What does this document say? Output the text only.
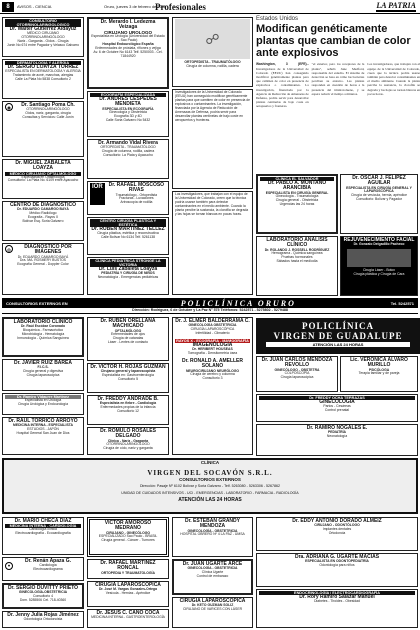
8	AVISOS - CIENCIA	Oruro, jueves 3 de febrero de 2011
Profesionales	LA PATRIA
CONSULTORIO OTORRINOLARINGOLOGICO
Dr. Walter Gutiérrez Aldayuz
MÉDICO CIRUJANO OTORRINOLARINGÓLOGO
Nariz - Garganta - Oídos - Cirugía
Junín No 674 entre Pagador y Velasco Galvarro
DERMATOLOGIA Y ALERGIA
Dr. SERGIO LOAYZA TORREZ
ESPECIALISTA EN DERMATOLOGÍA Y ALERGIA
Tratamiento de acné, manchas, alergias
Calle La Plata No 5838 Consultorio 2
◉	Dr. Santiago Poma Ch.
OTORRINOLARINGÓLOGO
Oídos, nariz, garganta, cirugía
Consultas y Servicios: Calle Junín
Dr. MIGUEL ZABALETA LOAYZA
MÉDICO CIRUJANO OFTALMÓLOGO
Especialista en Oftalmología
Consultorio: La Plata No. 6109 entre Ayacucho
CENTRO DE DIAGNÓSTICO
Dr. EDUARDO CAMARGO BAYÁ
Médico Radiólogo
Ecografía - Rayos X
Bolívar Esq. Soria Galvarro
◎	DIAGNÓSTICO POR IMÁGENES
Dr. EDUARDO CAMARGO BAYÁ
Dra. MA. ROSMERY BUSTOS
Ecografía General - Doppler Color
Dr. Merardo I. Ledezma Veizaga
CIRUJANO UROLOGO
Especialista en Urología (Universidad del Estado - Sao Paulo)
Hospital Endourológico España
Enfermedades de próstata, riñones y vejiga
Av. 6 de Octubre No 6143 Telf. 5250003 - Cel. 71844920
ECOGRAFÍA ESPECIALIZADA
Dr. ANDRÉS CÉSPEDES MENDIETA
ESPECIALISTA EN ECOGRAFÍA
Ginecología y Obstetricia
Ecografía 3D y 4D
Calle Soria Galvarro No 5432
Dr. Armando Vidal Rivera
ORTOPEDISTA - TRAUMATÓLOGO
Cirugía de columna, rodilla, cadera
Consultorio: La Plata y Ayacucho
IOR	Dr. RAFAEL MOSCOSO RIVAS
Traumatólogo - Ortopedista
Fracturas - Luxaciones
Artroscopía de rodilla
CENTRO CIRUGÍA PLÁSTICA Y ESTÉTICA
Dr. RUBÉN MARTÍNEZ TÉLLEZ
Cirugía plástica, estética y reconstructiva
Calle Bolívar No 6134 Telf. 5261138
CLÍNICA PEDIÁTRICA STRONGE LA VICTORIA
Dr. Luis Zabaleta Loayza
PEDIATRÍA Y CIRUGÍA DE NIÑOS
Neonatología - Emergencias pediátricas
☍
ORTOPEDISTA - TRAUMATÓLOGO
Cirugía de columna, rodilla, cadera
Investigadores de la Universidad de Colorado (EEUU) han conseguido modificar genéticamente plantas para que cambien de color en presencia de explosivos o contaminantes. La investigación, financiada por la Agencia de Reducción de Amenazas de Defensa, podría servir para desarrollar plantas centinelas de bajo coste en aeropuertos y fronteras.
Los investigadores, que trabajan con el equipo de la Universidad de Colorado, creen que la técnica podría usarse también para detectar contaminantes en el medio ambiente. Cuando la planta percibe la sustancia, la clorofila se degrada y las hojas se tornan blancas en pocas horas.
Estados Unidos
Modifican genéticamente plantas que cambian de color ante explosivos
Washington, 3 (EFE).- Investigadores de la Universidad de Colorado (EEUU) han conseguido modificar genéticamente plantas para que cambien de color en presencia de explosivos o contaminantes. La investigación, financiada por la Agencia de Reducción de Amenazas de Defensa, podría servir para desarrollar plantas centinelas de bajo coste en aeropuertos y fronteras.
"el exterior, pero los receptores de la planta", señaló June Medford, responsable del estudio. El sistema de detección se basa en cómo las bacterias perciben su entorno. Las plantas responden en cuestión de horas a la presencia del trinitrotolueno, y se espera reducir el tiempo a minutos.
Los investigadores, que trabajan con el equipo de la Universidad de Colorado, creen que la técnica podría usarse también para detectar contaminantes en el medio ambiente. Cuando la planta percibe la sustancia, la clorofila se degrada y las hojas se tornan blancas en pocas horas.
CLÍNICA EL SALVADOR
Dr. PABLO A. MONTAÑO ARANCIBIA
ESPECIALISTA EN CIRUGÍA GENERAL
Ginecología - Traumatología
Cirugía general - Obstetricia
Urgencias las 24 horas
Dr. ÓSCAR J. FELIPEZ AGUILAR
ESPECIALISTA EN CIRUGÍA GENERAL Y LAPAROSCÓPICA
Cirugía de vesícula, hernia, apéndice
Consultorio: Bolívar y Pagador
LABORATORIO ANÁLISIS CLÍNICO
Dr. ROLANDO J. ROSSELL RODRÍGUEZ
Hemograma - Química sanguínea
Pruebas hormonales
Sábados hasta el mediodía
REJUVENECIMIENTO FACIAL
Dr. Gonzalo Delgadillo Pacheco
Cirugía Láser - Botox
Cirugía plástica y Cirugía de Cara
CONSULTORIOS EXTERNOS EN	POLICLÍNICA ORURO	Tel. 5242571
Dirección: Rodríguez, 6 de Octubre y La Paz Nº 575 Teléfonos: 5242571 - 5275802 - 5279488
LABORATORIO CLÍNICO
Dr. Raúl Escóbar Coronado
Bioquímica - Farmacéutico
Microbiología - Hematología
Inmunología - Química Sanguínea
Dr. JAVIER RUIZ BAREA
F.I.C.S.
Cirugía general y digestiva
Cirugía laparoscópica
Dr. Ramiro Vidaurre Martínez
Especialista en Urología
Cirugía Urológica y Endourología
Dr. RAÚL TORRICO ARROYO
MEDICINA INTERNA - ESPECIALISTA
ESTUDIOS - JAPÓN
Hospital General San Juan de Dios
Dr. RUBÉN ORELLANA MACHICADO
OFTALMÓLOGO
Enfermedades de ojos
Cirugía de cataratas
Láser - Lentes de contacto
Dr. VÍCTOR H. ROJAS GUZMÁN
Cirujano general y laparoscopista
Especialista en: Gastroenterología
Consultorio 5
Dr. FREDDY ANDRADE B.
Especialista en fiebre - Cardiología
Enfermedades propias de la infancia
Consultorio 12
Dr. ROMULO ROSALES DELGADO
Clínica - Nariz - Garganta
OTORRINOLARINGÓLOGO
Cirugía de oído, nariz y garganta
Dr. J. ELMER BALDERRAMA C.
GINECOLOGÍA OBSTETRICIA
CIRUGÍA LAPAROSCÓPICA
Infertilidad - Climaterio
RAYOS X - ECOGRAFÍA - MAMOGRAFÍA
IMAGENOLOGÍA
Dr. HERIBERT HOUSEAS
Tomografía - Densitometría ósea
Dr. RONALD A. AMELLER SOLANO
NEUROCIRUJANO NEURÓLOGO
Cirugía de cerebro y columna
Consultorio 3
POLICLÍNICA
VIRGEN DE GUADALUPE
ATENCIÓN LAS 24 HORAS
Dr. JUAN CARLOS MENDOZA REVOLLO
GINECÓLOGO - OBSTETRA
COLPOSCOPÍA
Cirugía laparoscópica
Lic. VERONICA ALVARO MURILLO
PSICÓLOGA
Terapia familiar y de pareja
Dr. FREDDY OCHA TERRAZAS
GINECOLOGÍA
Partos - Cesáreas
Control prenatal
Dr. RAMIRO NOGALES E.
PEDIATRÍA
Neonatología
CLÍNICA
VIRGEN DEL SOCAVÓN S.R.L.
CONSULTORIOS EXTERNOS
Dirección: Pasaje Nº 6102 Bolívar y Soria Galvarro - Telf. 5263080 - 5263306 - 5267862
UNIDAD DE CUIDADOS INTENSIVOS - UCI - EMERGENCIAS - LABORATORIO - FARMACIA - RADIOLOGÍA
ATENCIÓN LAS 24 HORAS
Dr. MARIO CHECA DÍAZ
MEDICINA INTERNA - CARDIOLOGÍA
Cardiología clínica
Electrocardiografía - Ecocardiografía
♥
Dr. Renán Apaza G.
Cardiología
Electrocardiograma
Dr. SERGIO DUVITTY PRIETO
GINECOLOGÍA-OBSTETRICIA
Consultorio 4
Dom. 5285506 Cel. 718-40360
Dr. Jenny Julia Rojas Jiménez
Odontología Ortodoncista
VICTOR AMOROSO MEDRANO
CIRUJANO - GINECÓLOGO
ESPECIALIZADO Sao Paulo - BRASIL
Cirugía general - Cáncer - Tumores
Dr. RAFAEL MARTINEZ RONCAL
ORTOPEDIA Y TRAUMATOLOGÍA
CIRUGÍA LAPAROSCÓPICA
Dr. José M. Vargas Gonzales-Ortega
Vesícula - Hernias - Apéndice
Dr. JESÚS C. CANO COCA
MEDICINA INTERNA - GASTROENTEROLOGÍA
Dr. ESTEBAN GRANDY MENDOZA
GINECOLOGÍA - OBSTETRICIA
HOSPITAL OBRERO Nº 4 LA PAZ - UMSA
Dr. JUAN UGARTE ARCE
GINECOLOGÍA - OBSTETRICIA
Clínica Ugarte
Control de embarazo
CIRUGÍA LAPAROSCÓPICA
Dr. KETO GUZMAN SOLIZ
CIRUJANO DE VARICES CON LÁSER
Dr. EDDY ANTONIO DORADO ALMEIZ
CIRUJANO - ODONTÓLOGO
Implantes dentales
Ortodoncia
Dra. ADRIANA G. UGARTE MACÍAS
ESPECIALISTA EN ODONTOPEDIATRÍA
Odontología para niños
ENDOCRINOLOGÍA / ELECTROCARDIOGRAFÍA
Dr. Rory Ramiro Salazar Manuel
Diabetes - Tiroides - Obesidad
